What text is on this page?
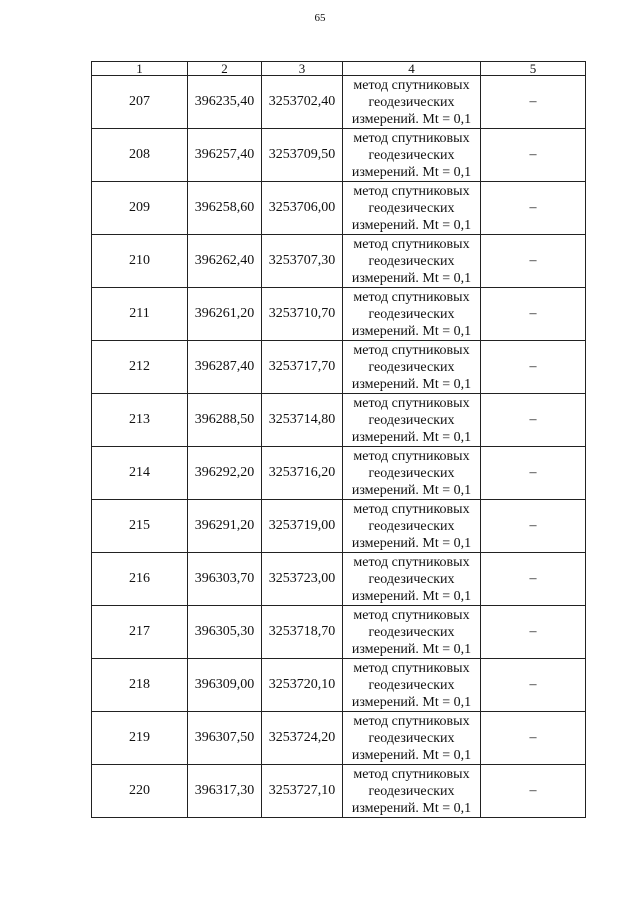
65
1	2	3	4	5
207	396235,40	3253702,40	метод спутниковых
геодезических
измерений. Mt = 0,1	–
208	396257,40	3253709,50	метод спутниковых
геодезических
измерений. Mt = 0,1	–
209	396258,60	3253706,00	метод спутниковых
геодезических
измерений. Mt = 0,1	–
210	396262,40	3253707,30	метод спутниковых
геодезических
измерений. Mt = 0,1	–
211	396261,20	3253710,70	метод спутниковых
геодезических
измерений. Mt = 0,1	–
212	396287,40	3253717,70	метод спутниковых
геодезических
измерений. Mt = 0,1	–
213	396288,50	3253714,80	метод спутниковых
геодезических
измерений. Mt = 0,1	–
214	396292,20	3253716,20	метод спутниковых
геодезических
измерений. Mt = 0,1	–
215	396291,20	3253719,00	метод спутниковых
геодезических
измерений. Mt = 0,1	–
216	396303,70	3253723,00	метод спутниковых
геодезических
измерений. Mt = 0,1	–
217	396305,30	3253718,70	метод спутниковых
геодезических
измерений. Mt = 0,1	–
218	396309,00	3253720,10	метод спутниковых
геодезических
измерений. Mt = 0,1	–
219	396307,50	3253724,20	метод спутниковых
геодезических
измерений. Mt = 0,1	–
220	396317,30	3253727,10	метод спутниковых
геодезических
измерений. Mt = 0,1	–
